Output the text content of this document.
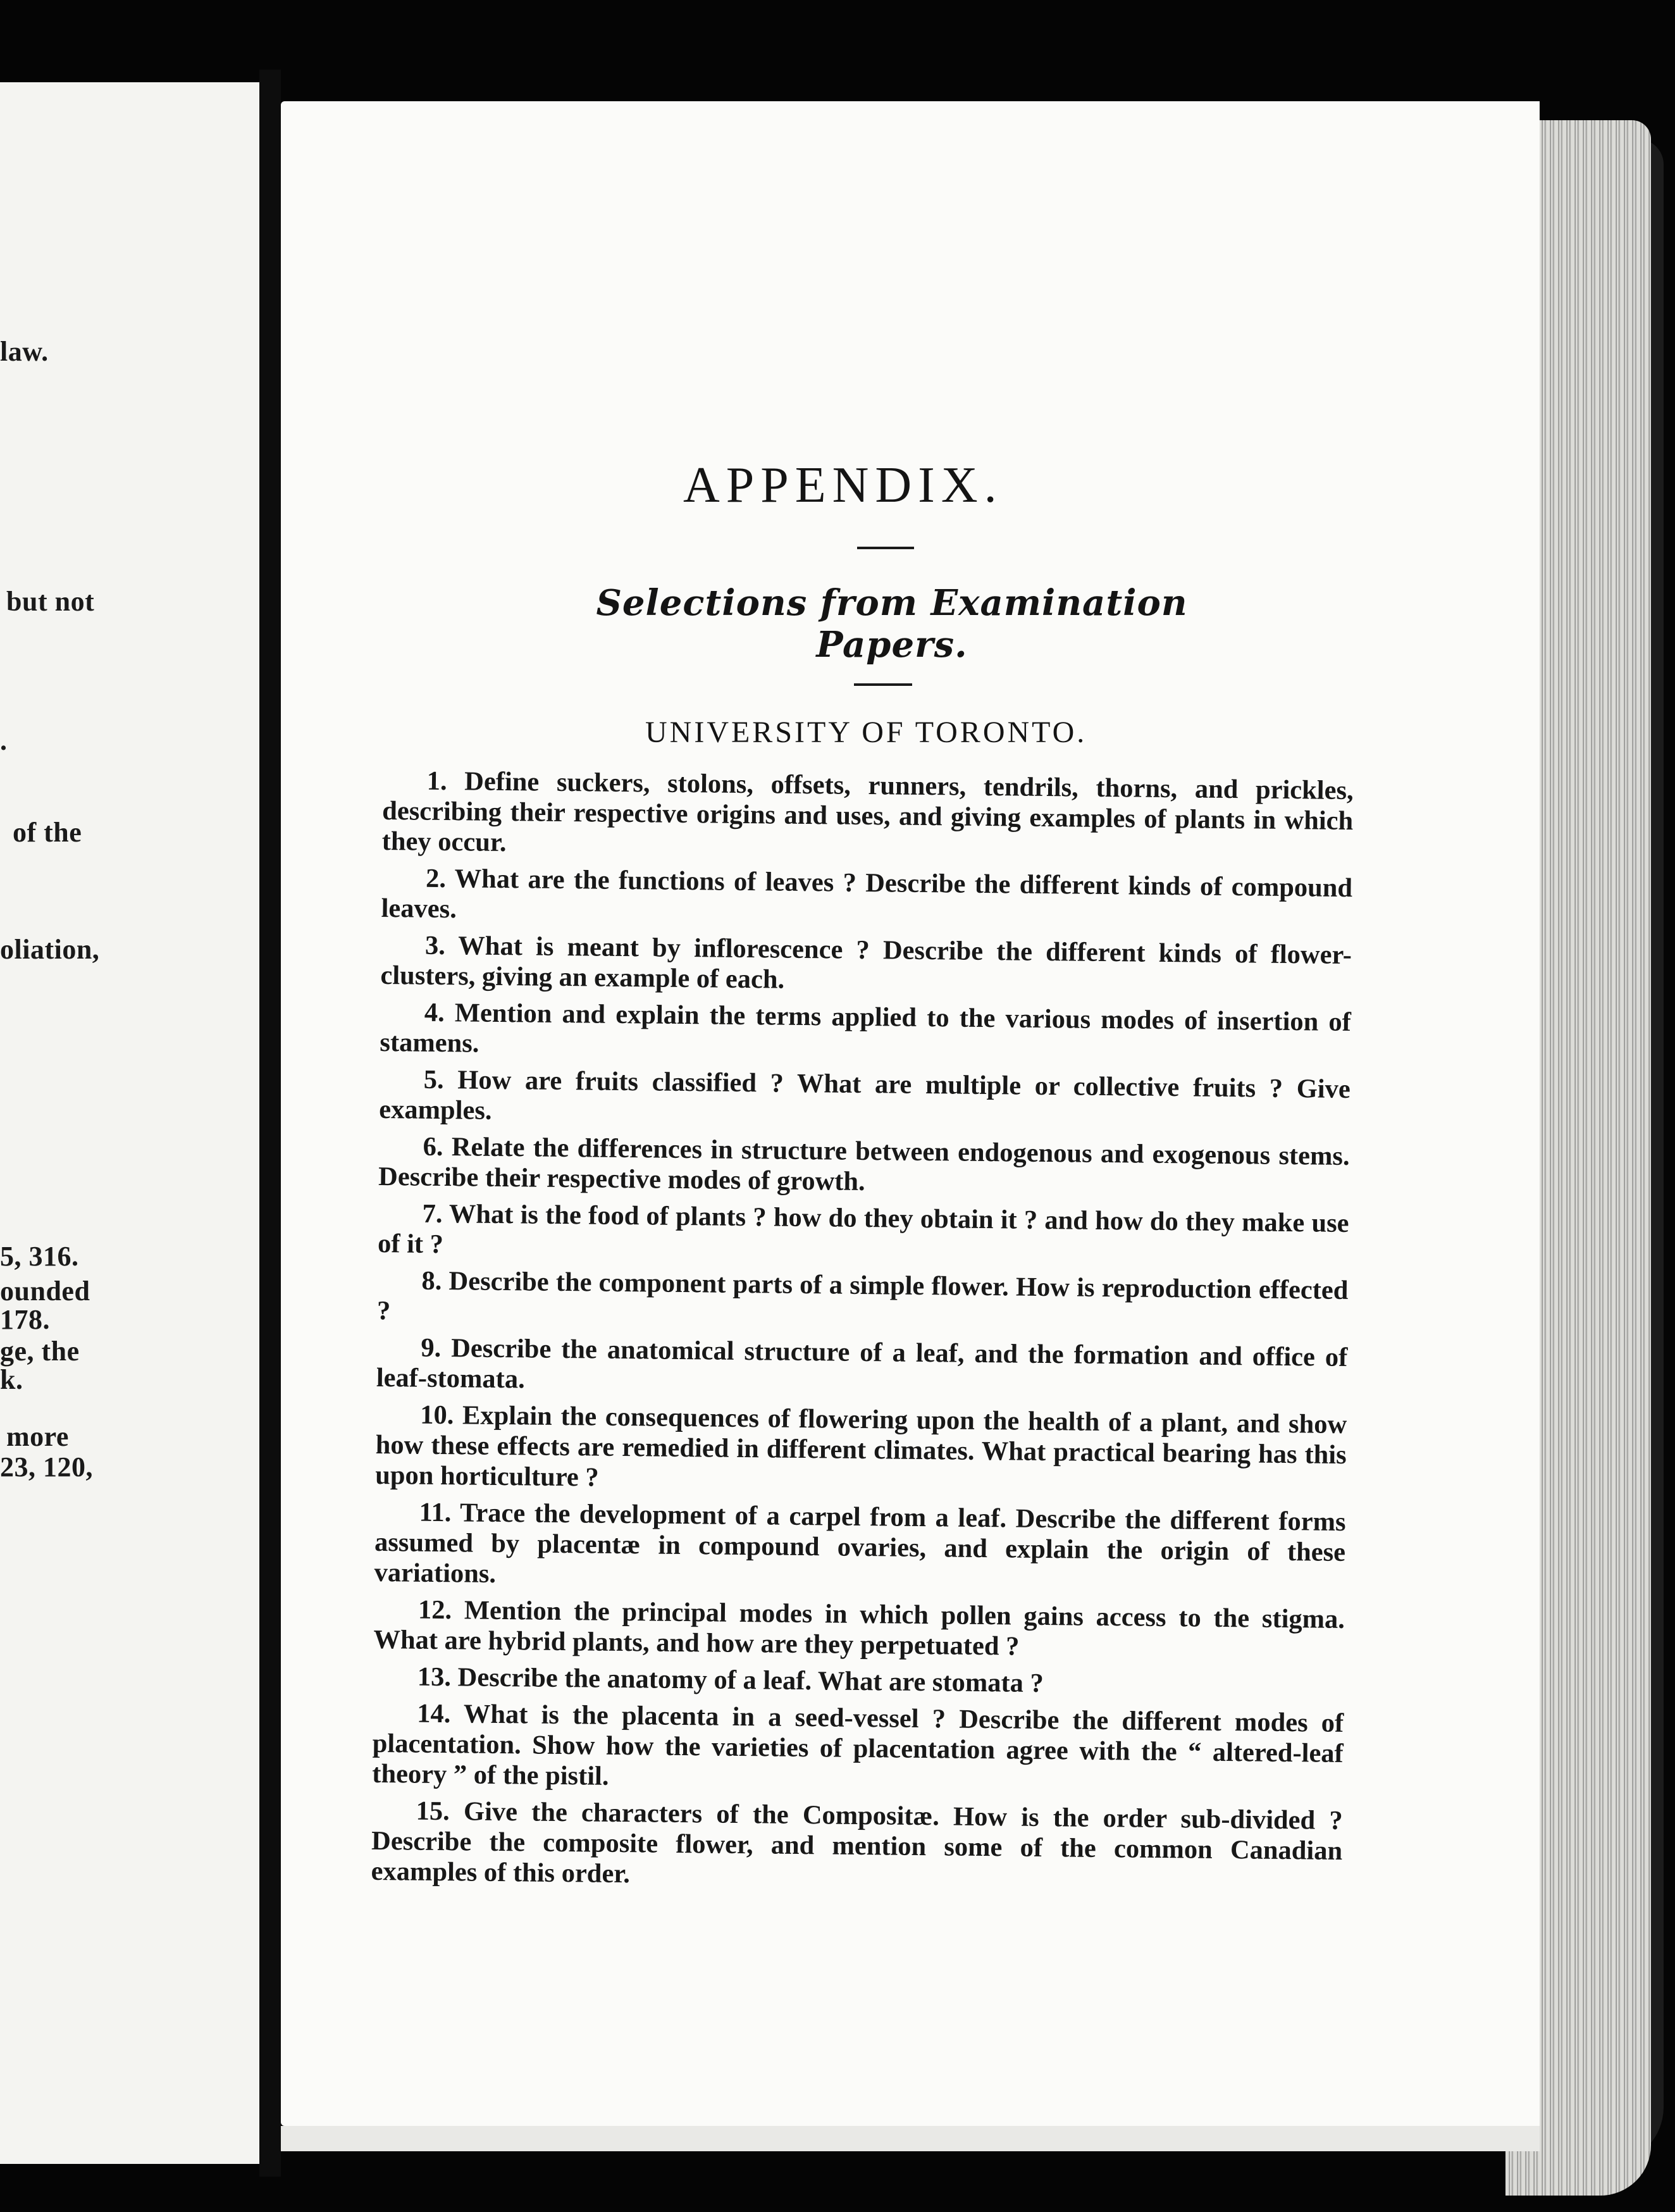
law.
but not
of the
oliation,
5, 316.
ounded
178.
ge, the
k.
more
23, 120,
.
APPENDIX.
Selections from Examination Papers.
UNIVERSITY OF TORONTO.

1. Define suckers, stolons, offsets, runners, tendrils, thorns, and prickles, describing their respective origins and uses, and giving examples of plants in which they occur.

2. What are the functions of leaves ? Describe the different kinds of compound leaves.

3. What is meant by inflorescence ? Describe the different kinds of flower-clusters, giving an example of each.

4. Mention and explain the terms applied to the various modes of insertion of stamens.

5. How are fruits classified ? What are multiple or collective fruits ? Give examples.

6. Relate the differences in structure between endogenous and exogenous stems. Describe their respective modes of growth.

7. What is the food of plants ? how do they obtain it ? and how do they make use of it ?

8. Describe the component parts of a simple flower. How is reproduction effected ?

9. Describe the anatomical structure of a leaf, and the formation and office of leaf-stomata.

10. Explain the consequences of flowering upon the health of a plant, and show how these effects are remedied in different climates. What practical bearing has this upon horticulture ?

11. Trace the development of a carpel from a leaf. Describe the different forms assumed by placentæ in compound ovaries, and explain the origin of these variations.

12. Mention the principal modes in which pollen gains access to the stigma. What are hybrid plants, and how are they perpetuated ?

13. Describe the anatomy of a leaf. What are stomata ?

14. What is the placenta in a seed-vessel ? Describe the different modes of placentation. Show how the varieties of placentation agree with the “ altered-leaf theory ” of the pistil.

15. Give the characters of the Compositæ. How is the order sub-divided ? Describe the composite flower, and mention some of the common Canadian examples of this order.
